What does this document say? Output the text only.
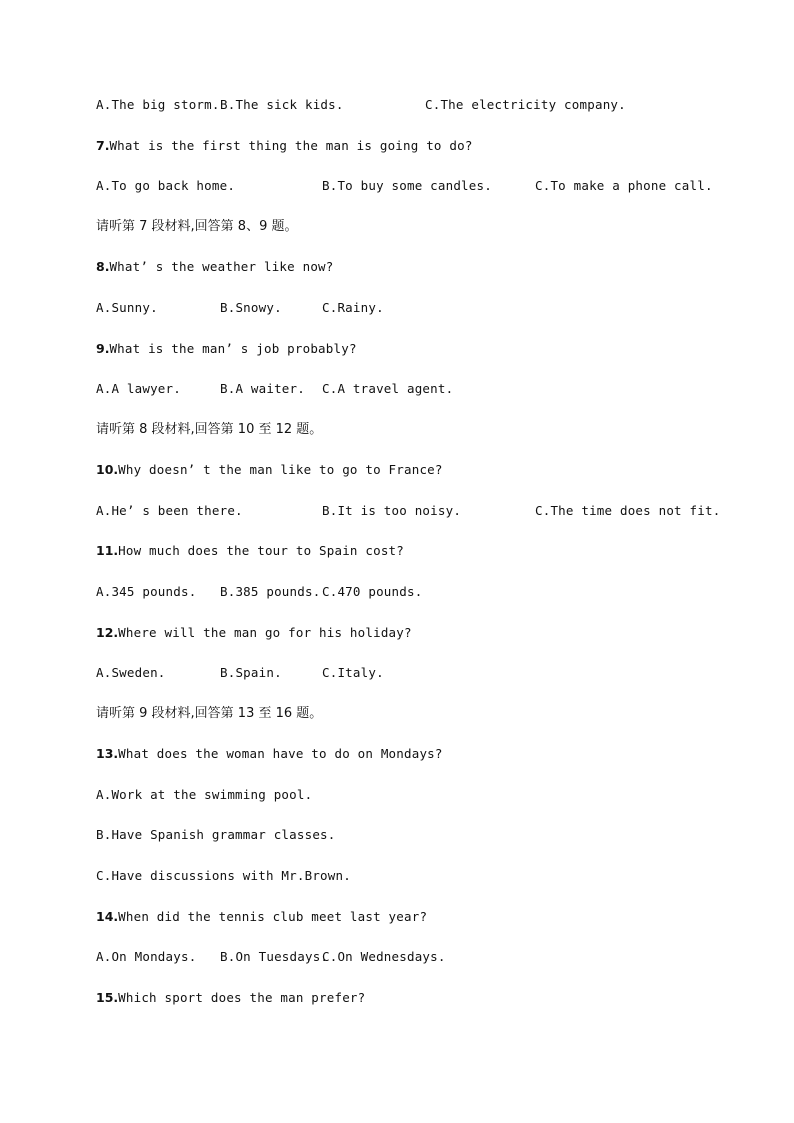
A.The big storm. B.The sick kids.	C.The electricity company.
7.What is the first thing the man is going to do?
A.To go back home.	B.To buy some candles.	C.To make a phone call.
请听第 7 段材料,回答第 8、9 题。
8.What’ s the weather like now?
A.Sunny.	B.Snowy.	C.Rainy.
9.What is the man’ s job probably?
A.A lawyer.	B.A waiter. C.A travel agent.
请听第 8 段材料,回答第 10 至 12 题。
10.Why doesn’ t the man like to go to France?
A.He’ s been there.	B.It is too noisy.	C.The time does not fit.
11.How much does the tour to Spain cost?
A.345 pounds. B.385 pounds. C.470 pounds.
12.Where will the man go for his holiday?
A.Sweden.	B.Spain.	C.Italy.
请听第 9 段材料,回答第 13 至 16 题。
13.What does the woman have to do on Mondays?
A.Work at the swimming pool.
B.Have Spanish grammar classes.
C.Have discussions with Mr.Brown.
14.When did the tennis club meet last year?
A.On Mondays. B.On Tuesdays.
C.On Wednesdays.
15.Which sport does the man prefer?
